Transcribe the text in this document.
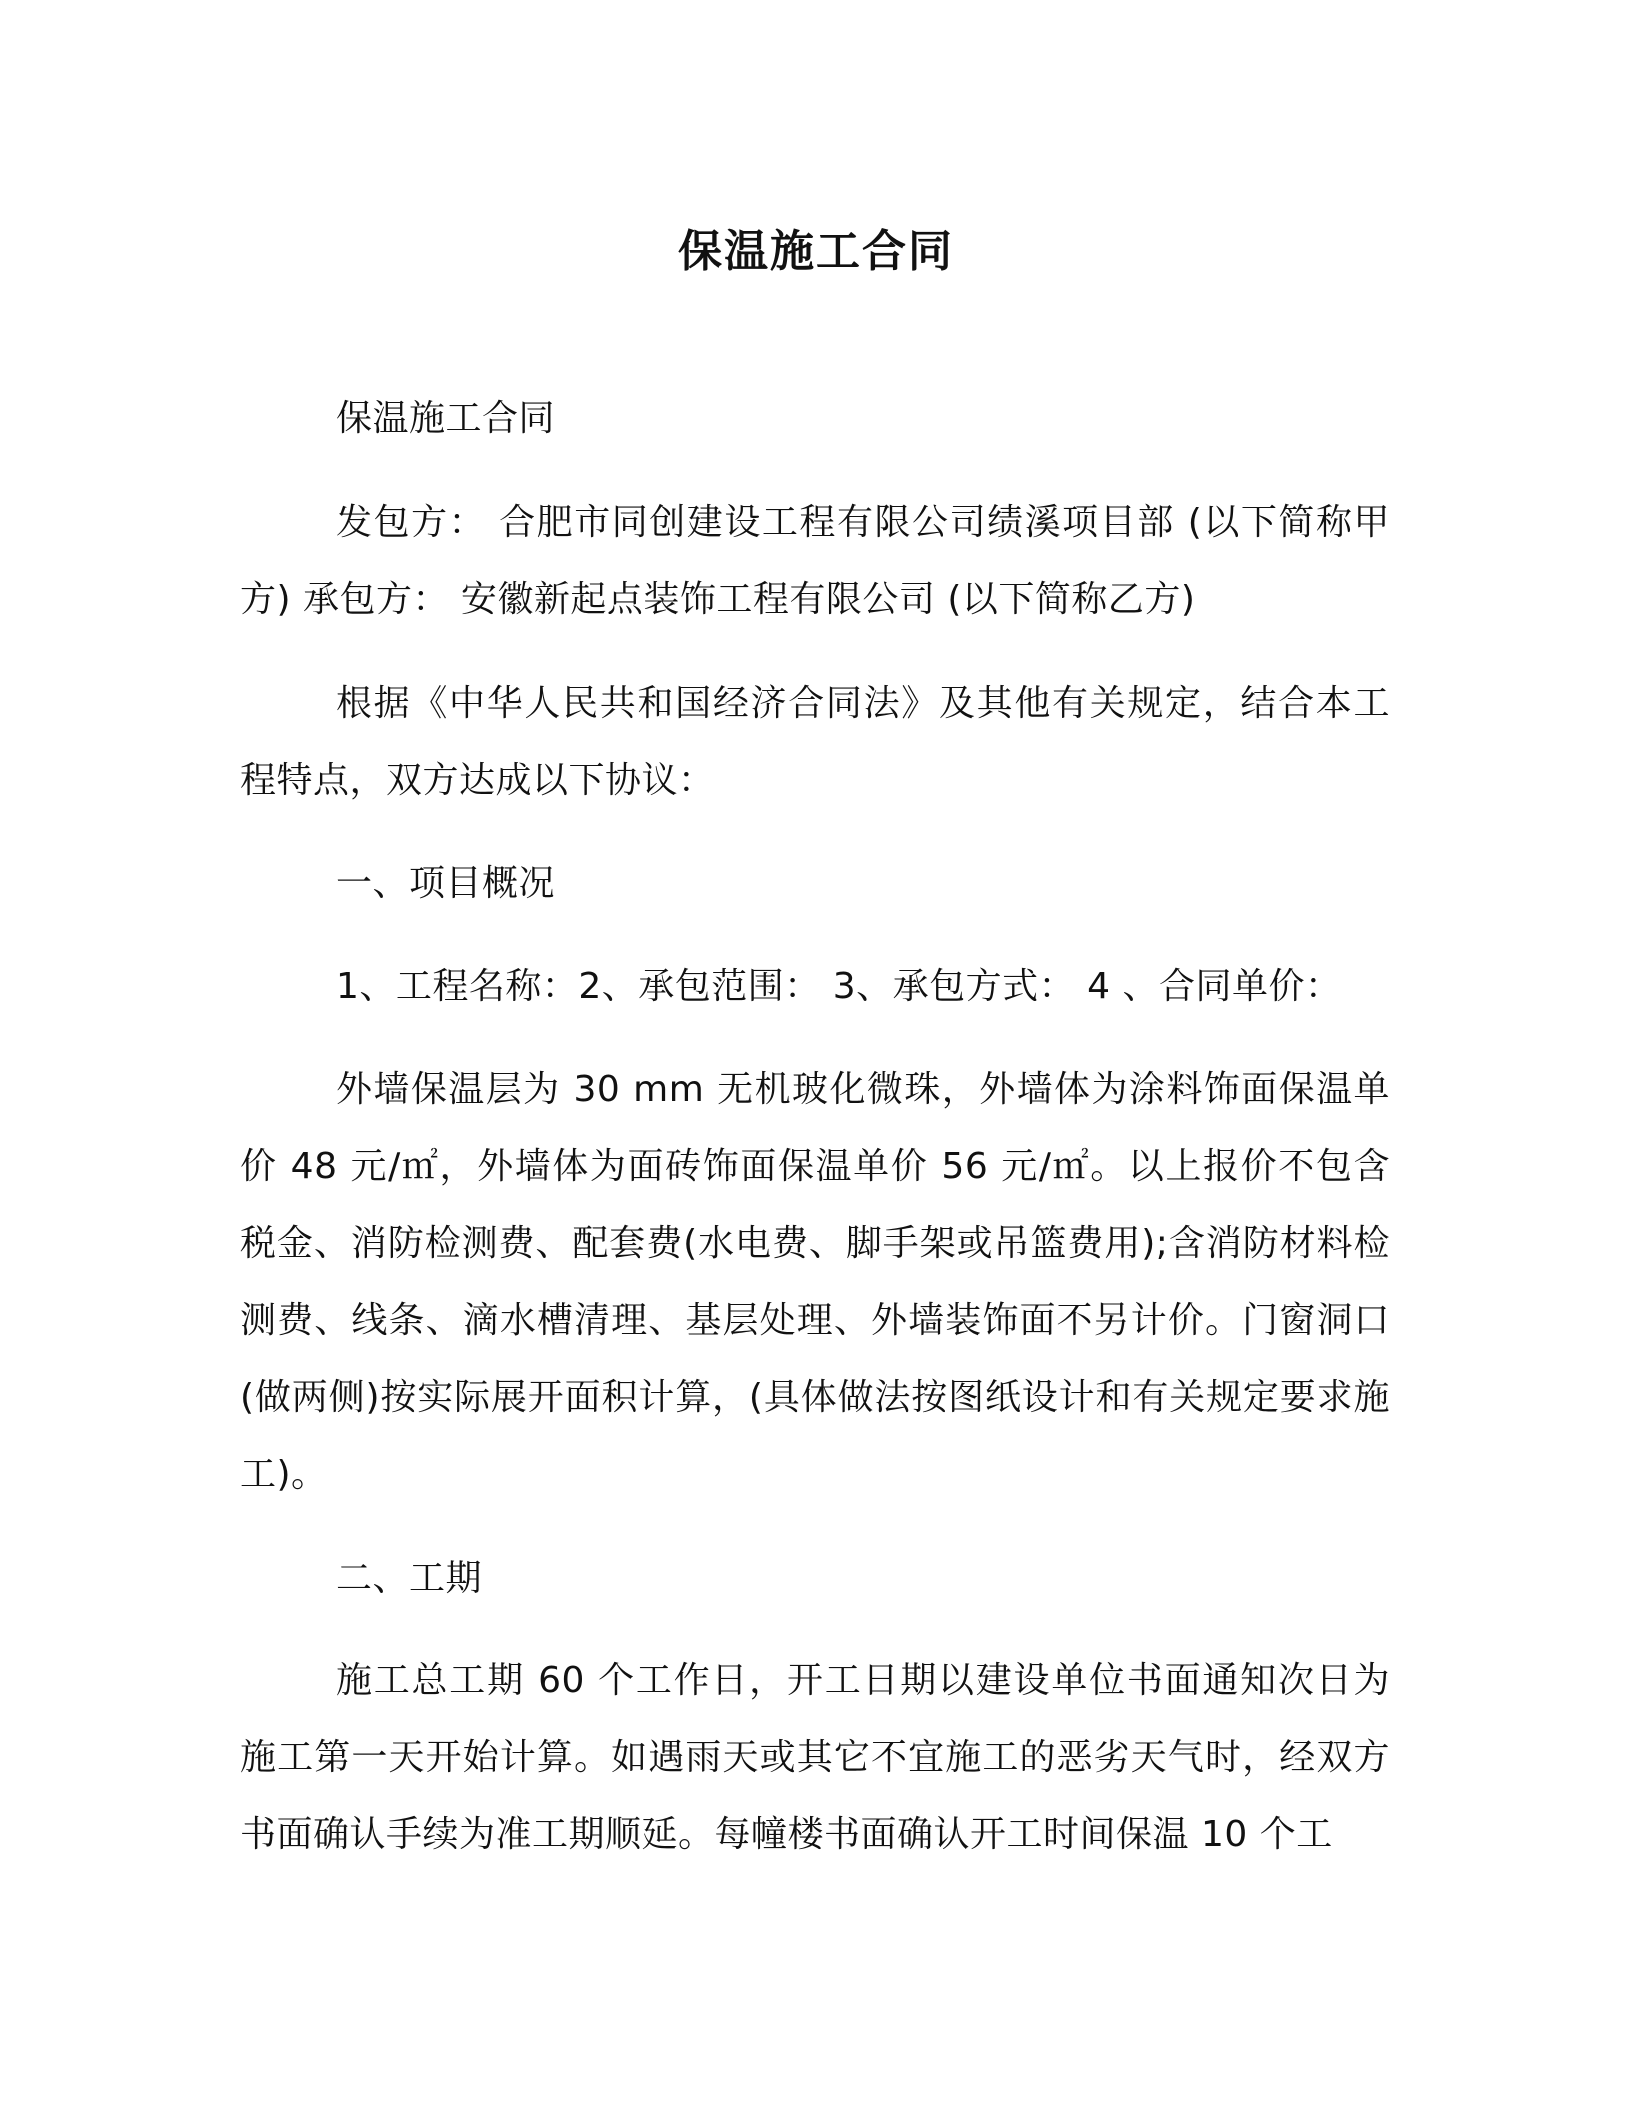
保温施工合同
保温施工合同
发包方： 合肥市同创建设工程有限公司绩溪项目部 (以下简称甲方) 承包方： 安徽新起点装饰工程有限公司 (以下简称乙方)
根据《中华人民共和国经济合同法》及其他有关规定，结合本工程特点，双方达成以下协议：
一、项目概况
1、工程名称：2、承包范围： 3、承包方式： 4 、合同单价：
外墙保温层为 30 mm 无机玻化微珠，外墙体为涂料饰面保温单价 48 元/㎡，外墙体为面砖饰面保温单价 56 元/㎡。以上报价不包含税金、消防检测费、配套费(水电费、脚手架或吊篮费用);含消防材料检测费、线条、滴水槽清理、基层处理、外墙装饰面不另计价。门窗洞口(做两侧)按实际展开面积计算，(具体做法按图纸设计和有关规定要求施工)。
二、工期
施工总工期 60 个工作日，开工日期以建设单位书面通知次日为施工第一天开始计算。如遇雨天或其它不宜施工的恶劣天气时，经双方书面确认手续为准工期顺延。每幢楼书面确认开工时间保温 10 个工
